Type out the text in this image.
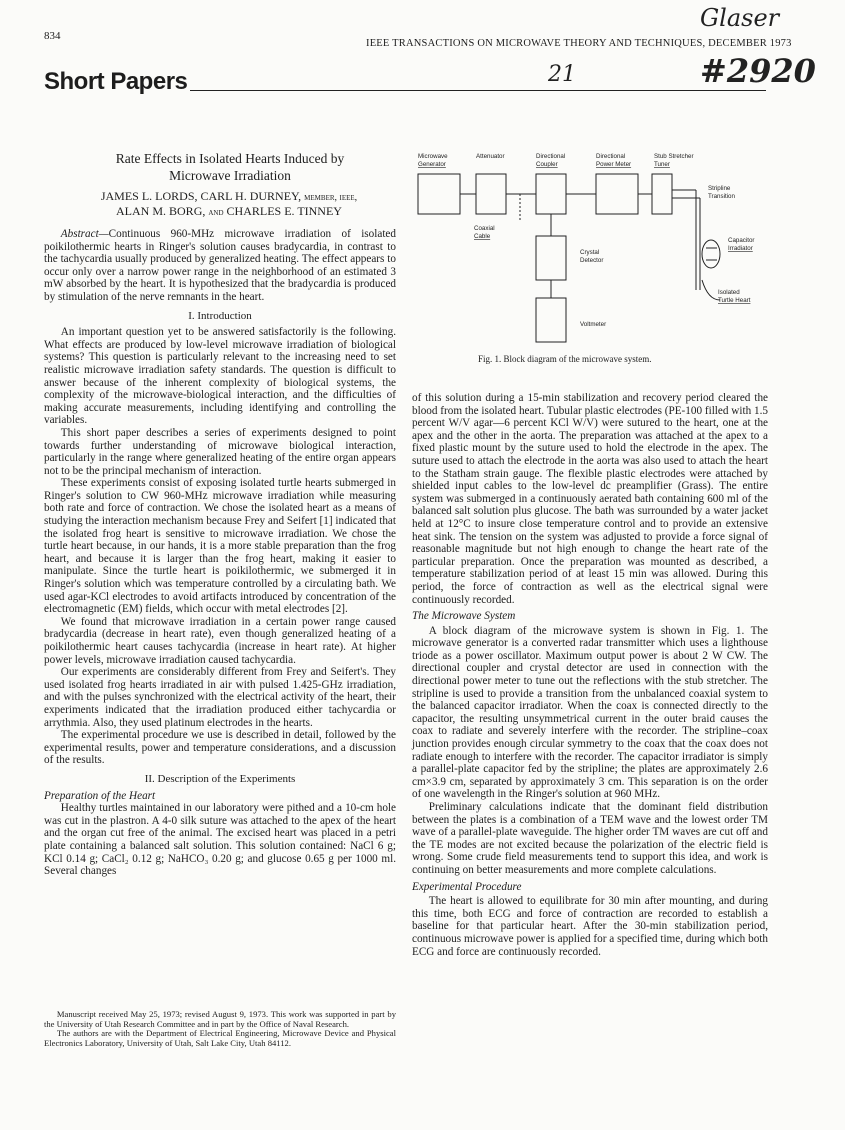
Glaser
21	#2920
834
IEEE TRANSACTIONS ON MICROWAVE THEORY AND TECHNIQUES, DECEMBER 1973
Short Papers
Rate Effects in Isolated Hearts Induced by
Microwave Irradiation
JAMES L. LORDS, CARL H. DURNEY, member, ieee,
ALAN M. BORG, and CHARLES E. TINNEY

Abstract—Continuous 960-MHz microwave irradiation of isolated poikilothermic hearts in Ringer's solution causes bradycardia, in contrast to the tachycardia usually produced by generalized heating. The effect appears to occur only over a narrow power range in the neighborhood of an estimated 3 mW absorbed by the heart. It is hypothesized that the bradycardia is produced by stimulation of the nerve remnants in the heart.

I. Introduction

An important question yet to be answered satisfactorily is the following. What effects are produced by low-level microwave irradiation of biological systems? This question is particularly relevant to the increasing need to set realistic microwave irradiation safety standards. The question is difficult to answer because of the inherent complexity of biological systems, the complexity of the microwave-biological interaction, and the difficulties of making accurate measurements, including identifying and controlling the variables.

This short paper describes a series of experiments designed to point towards further understanding of microwave biological interaction, particularly in the range where generalized heating of the entire organ appears not to be the principal mechanism of interaction.

These experiments consist of exposing isolated turtle hearts submerged in Ringer's solution to CW 960-MHz microwave irradiation while measuring both rate and force of contraction. We chose the isolated heart as a means of studying the interaction mechanism because Frey and Seifert [1] indicated that the isolated frog heart is sensitive to microwave irradiation. We chose the turtle heart because, in our hands, it is a more stable preparation than the frog heart, and because it is larger than the frog heart, making it easier to manipulate. Since the turtle heart is poikilothermic, we submerged it in Ringer's solution which was temperature controlled by a circulating bath. We used agar-KCl electrodes to avoid artifacts introduced by concentration of the electromagnetic (EM) fields, which occur with metal electrodes [2].

We found that microwave irradiation in a certain power range caused bradycardia (decrease in heart rate), even though generalized heating of a poikilothermic heart causes tachycardia (increase in heart rate). At higher power levels, microwave irradiation caused tachycardia.

Our experiments are considerably different from Frey and Seifert's. They used isolated frog hearts irradiated in air with pulsed 1.425-GHz irradiation, and with the pulses synchronized with the electrical activity of the heart, their experiments indicated that the irradiation produced either tachycardia or arrythmia. Also, they used platinum electrodes in the hearts.

The experimental procedure we use is described in detail, followed by the experimental results, power and temperature considerations, and a discussion of the results.

II. Description of the Experiments

Preparation of the Heart

Healthy turtles maintained in our laboratory were pithed and a 10-cm hole was cut in the plastron. A 4-0 silk suture was attached to the apex of the heart and the organ cut free of the animal. The excised heart was placed in a petri plate containing a balanced salt solution. This solution contained: NaCl 6 g; KCl 0.14 g; CaCl₂ 0.12 g; NaHCO₃ 0.20 g; and glucose 0.65 g per 1000 ml. Several changes

Manuscript received May 25, 1973; revised August 9, 1973. This work was supported in part by the University of Utah Research Committee and in part by the Office of Naval Research.

The authors are with the Department of Electrical Engineering, Microwave Device and Physical Electronics Laboratory, University of Utah, Salt Lake City, Utah 84112.

Microwave
Generator
Attenuator	Directional
Coupler
Directional
Power Meter
Stub Stretcher
Tuner
Stripline
Transition
Coaxial
Cable
Crystal
Detector
Capacitor
Irradiator
Isolated
Turtle Heart
Voltmeter
Fig. 1. Block diagram of the microwave system.

of this solution during a 15-min stabilization and recovery period cleared the blood from the isolated heart. Tubular plastic electrodes (PE-100 filled with 1.5 percent W/V agar—6 percent KCl W/V) were sutured to the heart, one at the apex and the other in the aorta. The preparation was attached at the apex to a fixed plastic mount by the suture used to hold the electrode in the apex. The suture used to attach the electrode in the aorta was also used to attach the heart to the Statham strain gauge. The flexible plastic electrodes were attached by shielded input cables to the low-level dc preamplifier (Grass). The entire system was submerged in a continuously aerated bath containing 600 ml of the balanced salt solution plus glucose. The bath was surrounded by a water jacket held at 12°C to insure close temperature control and to provide an extensive heat sink. The tension on the system was adjusted to provide a force signal of reasonable magnitude but not high enough to change the heart rate of the particular preparation. Once the preparation was mounted as described, a temperature stabilization period of at least 15 min was allowed. During this period, the force of contraction as well as the electrical signal were continuously recorded.

The Microwave System

A block diagram of the microwave system is shown in Fig. 1. The microwave generator is a converted radar transmitter which uses a lighthouse triode as a power oscillator. Maximum output power is about 2 W CW. The directional coupler and crystal detector are used in connection with the directional power meter to tune out the reflections with the stub stretcher. The stripline is used to provide a transition from the unbalanced coaxial system to the balanced capacitor irradiator. When the coax is connected directly to the capacitor, the resulting unsymmetrical current in the outer braid causes the coax to radiate and severely interfere with the recorder. The stripline–coax junction provides enough circular symmetry to the coax that the coax does not radiate enough to interfere with the recorder. The capacitor irradiator is simply a parallel-plate capacitor fed by the stripline; the plates are approximately 2.6 cm×3.9 cm, separated by approximately 3 cm. This separation is on the order of one wavelength in the Ringer's solution at 960 MHz.

Preliminary calculations indicate that the dominant field distribution between the plates is a combination of a TEM wave and the lowest order TM wave of a parallel-plate waveguide. The higher order TM waves are cut off and the TE modes are not excited because the polarization of the electric field is wrong. Some crude field measurements tend to support this idea, and work is continuing on better measurements and more complete calculations.

Experimental Procedure

The heart is allowed to equilibrate for 30 min after mounting, and during this time, both ECG and force of contraction are recorded to establish a baseline for that particular heart. After the 30-min stabilization period, continuous microwave power is applied for a specified time, during which both ECG and force are continuously recorded.
